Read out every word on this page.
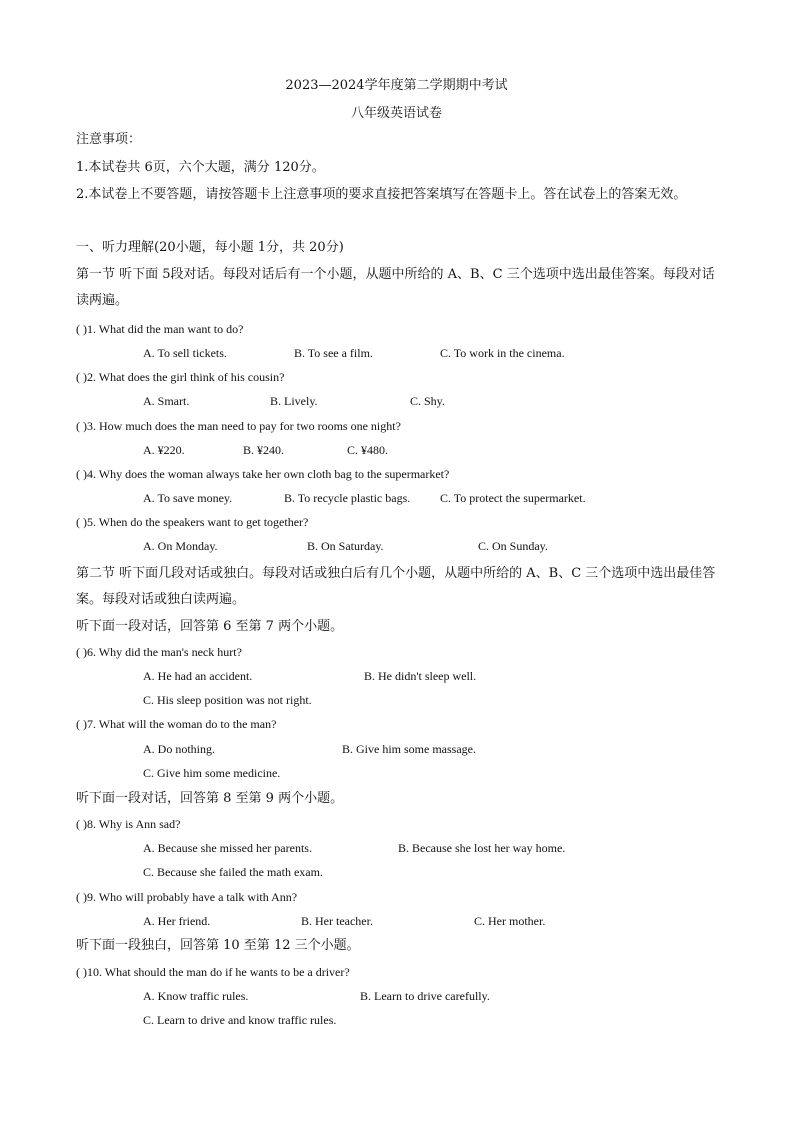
2023—2024学年度第二学期期中考试
八年级英语试卷
注意事项：
1.本试卷共 6页，六个大题，满分 120分。
2.本试卷上不要答题，请按答题卡上注意事项的要求直接把答案填写在答题卡上。答在试卷上的答案无效。
一、听力理解(20小题，每小题 1分，共 20分)
第一节 听下面 5段对话。每段对话后有一个小题，从题中所给的 A、B、C 三个选项中选出最佳答案。每段对话读两遍。
( )1. What did the man want to do?
A. To sell tickets.	B. To see a film.	C. To work in the cinema.
( )2. What does the girl think of his cousin?
A. Smart.	B. Lively.	C. Shy.
( )3. How much does the man need to pay for two rooms one night?
A. ¥220.	B. ¥240.	C. ¥480.
( )4. Why does the woman always take her own cloth bag to the supermarket?
A. To save money.	B. To recycle plastic bags. C. To protect the supermarket.
( )5. When do the speakers want to get together?
A. On Monday.	B. On Saturday.	C. On Sunday.
第二节 听下面几段对话或独白。每段对话或独白后有几个小题，从题中所给的 A、B、C 三个选项中选出最佳答案。每段对话或独白读两遍。
听下面一段对话，回答第 6 至第 7 两个小题。
( )6. Why did the man's neck hurt?
A. He had an accident.	B. He didn't sleep well.
C. His sleep position was not right.
( )7. What will the woman do to the man?
A. Do nothing.	B. Give him some massage.
C. Give him some medicine.
听下面一段对话，回答第 8 至第 9 两个小题。
( )8. Why is Ann sad?
A. Because she missed her parents.	B. Because she lost her way home.
C. Because she failed the math exam.
( )9. Who will probably have a talk with Ann?
A. Her friend.	B. Her teacher.	C. Her mother.
听下面一段独白，回答第 10 至第 12 三个小题。
( )10. What should the man do if he wants to be a driver?
A. Know traffic rules.	B. Learn to drive carefully.
C. Learn to drive and know traffic rules.
